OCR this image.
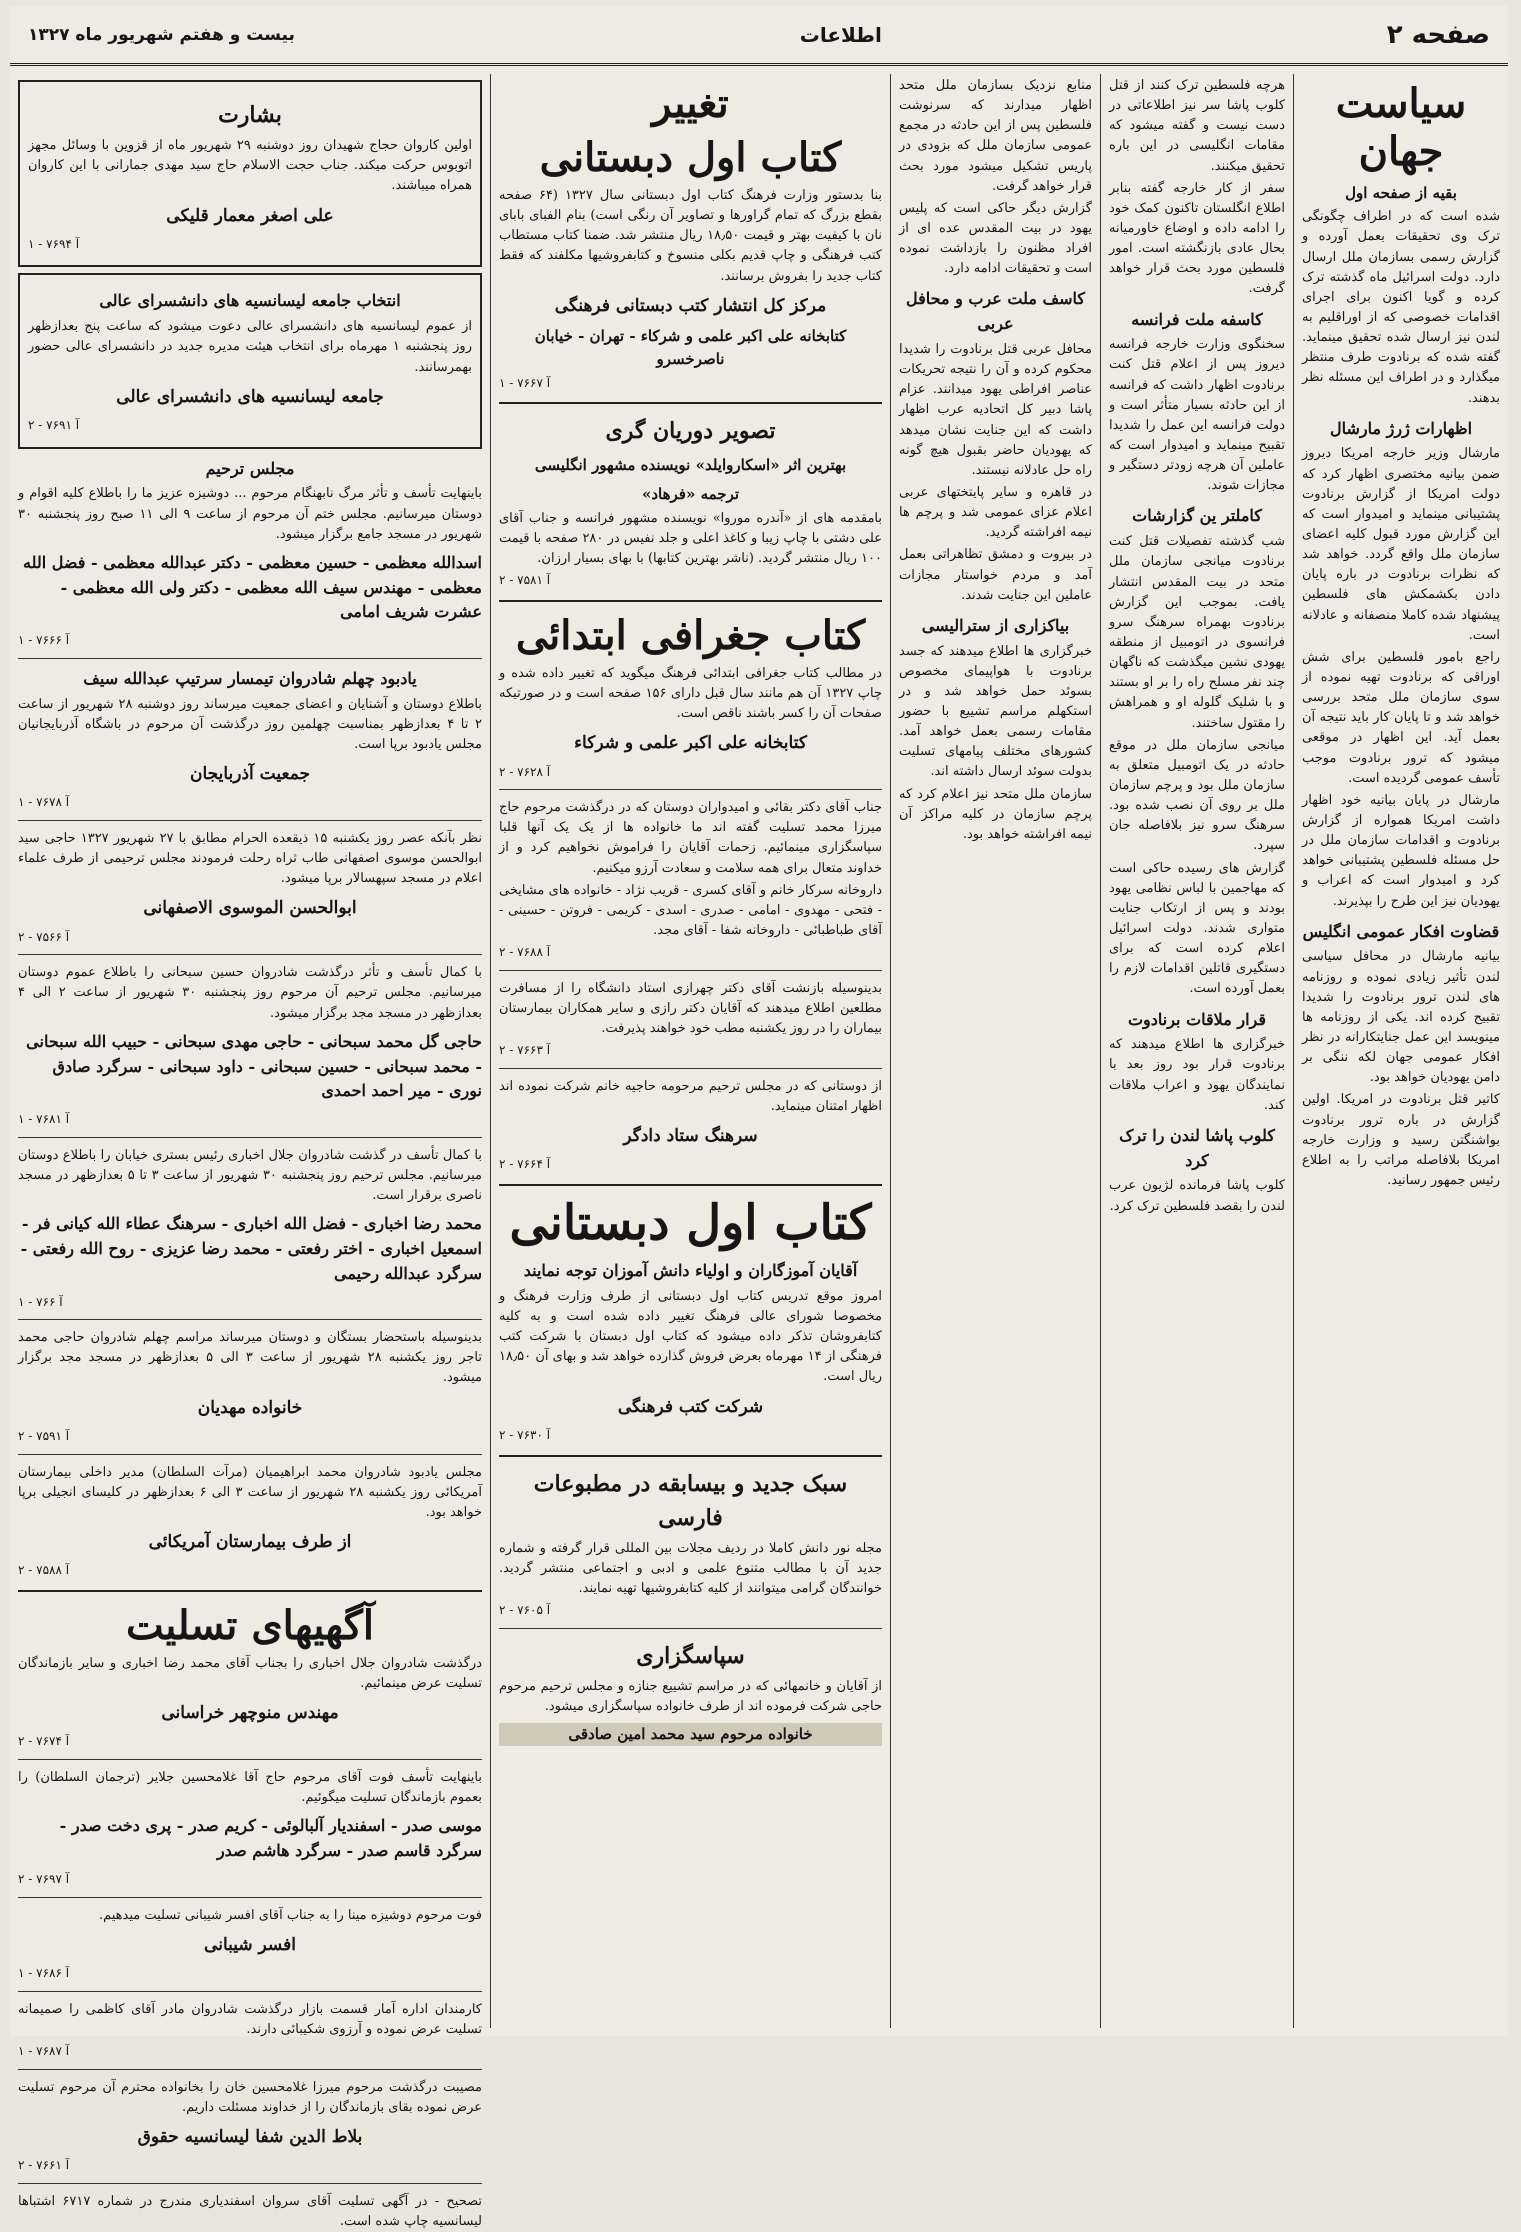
صفحه ۲
اطلاعات
بیست و هفتم شهریور ماه ۱۳۲۷
سیاست جهان
بقیه از صفحه اول

شده است که در اطراف چگونگی ترک وی تحقیقات بعمل آورده و گزارش رسمی بسازمان ملل ارسال دارد. دولت اسرائیل ماه گذشته ترک کرده و گویا اکنون برای اجرای اقدامات خصوصی که از اوراقلیم به لندن نیز ارسال شده تحقیق مینماید. گفته شده که برنادوت طرف منتظر میگذارد و در اطراف این مسئله نظر بدهند.

اظهارات ژرژ مارشال

مارشال وزیر خارجه امریکا دیروز ضمن بیانیه مختصری اظهار کرد که دولت امریکا از گزارش برنادوت پشتیبانی مینماید و امیدوار است که این گزارش مورد قبول کلیه اعضای سازمان ملل واقع گردد. خواهد شد که نظرات برنادوت در باره پایان دادن بکشمکش های فلسطین پیشنهاد شده کاملا منصفانه و عادلانه است.

راجع بامور فلسطین برای شش اوراقی که برنادوت تهیه نموده از سوی سازمان ملل متحد بررسی خواهد شد و تا پایان کار باید نتیجه آن بعمل آید. این اظهار در موقعی میشود که ترور برنادوت موجب تأسف عمومی گردیده است.

مارشال در پایان بیانیه خود اظهار داشت امریکا همواره از گزارش برنادوت و اقدامات سازمان ملل در حل مسئله فلسطین پشتیبانی خواهد کرد و امیدوار است که اعراب و یهودیان نیز این طرح را بپذیرند.

قضاوت افکار عمومی انگلیس

بیانیه مارشال در محافل سیاسی لندن تأثیر زیادی نموده و روزنامه های لندن ترور برنادوت را شدیدا تقبیح کرده اند. یکی از روزنامه ها مینویسد این عمل جنایتکارانه در نظر افکار عمومی جهان لکه ننگی بر دامن یهودیان خواهد بود.

کاتیر قتل برنادوت در امریکا. اولین گزارش در باره ترور برنادوت بواشنگتن رسید و وزارت خارجه امریکا بلافاصله مراتب را به اطلاع رئیس جمهور رسانید.

هرچه فلسطین ترک کنند از قتل کلوب پاشا سر نیز اطلاعاتی در دست نیست و گفته میشود که مقامات انگلیسی در این باره تحقیق میکنند.

سفر از کار خارجه گفته بنابر اطلاع انگلستان تاکنون کمک خود را ادامه داده و اوضاع خاورمیانه بحال عادی بازنگشته است. امور فلسطین مورد بحث قرار خواهد گرفت.

کاسفه ملت فرانسه

سخنگوی وزارت خارجه فرانسه دیروز پس از اعلام قتل کنت برنادوت اظهار داشت که فرانسه از این حادثه بسیار متأثر است و دولت فرانسه این عمل را شدیدا تقبیح مینماید و امیدوار است که عاملین آن هرچه زودتر دستگیر و مجازات شوند.

کاملتر ین گزارشات

شب گذشته تفصیلات قتل کنت برنادوت میانجی سازمان ملل متحد در بیت المقدس انتشار یافت. بموجب این گزارش برنادوت بهمراه سرهنگ سرو فرانسوی در اتومبیل از منطقه یهودی نشین میگذشت که ناگهان چند نفر مسلح راه را بر او بستند و با شلیک گلوله او و همراهش را مقتول ساختند.

میانجی سازمان ملل در موقع حادثه در یک اتومبیل متعلق به سازمان ملل بود و پرچم سازمان ملل بر روی آن نصب شده بود. سرهنگ سرو نیز بلافاصله جان سپرد.

گزارش های رسیده حاکی است که مهاجمین با لباس نظامی یهود بودند و پس از ارتکاب جنایت متواری شدند. دولت اسرائیل اعلام کرده است که برای دستگیری قاتلین اقدامات لازم را بعمل آورده است.

قرار ملاقات برنادوت

خبرگزاری ها اطلاع میدهند که برنادوت قرار بود روز بعد با نمایندگان یهود و اعراب ملاقات کند.

کلوب پاشا لندن را ترک کرد

کلوب پاشا فرمانده لژیون عرب لندن را بقصد فلسطین ترک کرد.

منابع نزدیک بسازمان ملل متحد اظهار میدارند که سرنوشت فلسطین پس از این حادثه در مجمع عمومی سازمان ملل که بزودی در پاریس تشکیل میشود مورد بحث قرار خواهد گرفت.

گزارش دیگر حاکی است که پلیس یهود در بیت المقدس عده ای از افراد مظنون را بازداشت نموده است و تحقیقات ادامه دارد.

کاسف ملت عرب و محافل عربی

محافل عربی قتل برنادوت را شدیدا محکوم کرده و آن را نتیجه تحریکات عناصر افراطی یهود میدانند. عزام پاشا دبیر کل اتحادیه عرب اظهار داشت که این جنایت نشان میدهد که یهودیان حاضر بقبول هیچ گونه راه حل عادلانه نیستند.

در قاهره و سایر پایتختهای عربی اعلام عزای عمومی شد و پرچم ها نیمه افراشته گردید.

در بیروت و دمشق تظاهراتی بعمل آمد و مردم خواستار مجازات عاملین این جنایت شدند.

بیاکزاری از سترالیسی

خبرگزاری ها اطلاع میدهند که جسد برنادوت با هواپیمای مخصوص بسوئد حمل خواهد شد و در استکهلم مراسم تشییع با حضور مقامات رسمی بعمل خواهد آمد. کشورهای مختلف پیامهای تسلیت بدولت سوئد ارسال داشته اند.

سازمان ملل متحد نیز اعلام کرد که پرچم سازمان در کلیه مراکز آن نیمه افراشته خواهد بود.

تغییر
کتاب اول دبستانی

بنا بدستور وزارت فرهنگ کتاب اول دبستانی سال ۱۳۲۷ (۶۴ صفحه بقطع بزرگ که تمام گراورها و تصاویر آن رنگی است) بنام الفبای بابای نان با کیفیت بهتر و قیمت ۱۸٫۵۰ ریال منتشر شد. ضمنا کتاب مستطاب کتب فرهنگی و چاپ قدیم بکلی منسوخ و کتابفروشیها مکلفند که فقط کتاب جدید را بفروش برسانند.

مرکز کل انتشار کتب دبستانی فرهنگی
کتابخانه علی اکبر علمی و شرکاء - تهران - خیابان ناصرخسرو
آ ۷۶۶۷ - ۱
تصویر دوریان گری
بهترین اثر «اسکاروایلد» نویسنده مشهور انگلیسی
ترجمه «فرهاد»

بامقدمه های از «آندره موروا» نویسنده مشهور فرانسه و جناب آقای علی دشتی با چاپ زیبا و کاغذ اعلی و جلد نفیس در ۲۸۰ صفحه با قیمت ۱۰۰ ریال منتشر گردید. (ناشر بهترین کتابها) با بهای بسیار ارزان.

آ ۷۵۸۱ - ۲
کتاب جغرافی ابتدائی

در مطالب کتاب جغرافی ابتدائی فرهنگ میگوید که تغییر داده شده و چاپ ۱۳۲۷ آن هم مانند سال قبل دارای ۱۵۶ صفحه است و در صورتیکه صفحات آن را کسر باشند ناقص است.

کتابخانه علی اکبر علمی و شرکاء
آ ۷۶۲۸ - ۲

جناب آقای دکتر بقائی و امیدواران دوستان که در درگذشت مرحوم حاج میرزا محمد تسلیت گفته اند ما خانواده ها از یک یک آنها قلبا سپاسگزاری مینمائیم. زحمات آقایان را فراموش نخواهیم کرد و از خداوند متعال برای همه سلامت و سعادت آرزو میکنیم.

داروخانه سرکار خانم و آقای کسری - قریب نژاد - خانواده های مشایخی - فتحی - مهدوی - امامی - صدری - اسدی - کریمی - فروتن - حسینی - آقای طباطبائی - داروخانه شفا - آقای مجد.

آ ۷۶۸۸ - ۲

بدینوسیله بازنشت آقای دکتر چهرازی استاد دانشگاه را از مسافرت مطلعین اطلاع میدهند که آقایان دکتر رازی و سایر همکاران بیمارستان بیماران را در روز یکشنبه مطب خود خواهند پذیرفت.

آ ۷۶۶۳ - ۲

از دوستانی که در مجلس ترحیم مرحومه حاجیه خانم شرکت نموده اند اظهار امتنان مینماید.

سرهنگ ستاد دادگر
آ ۷۶۶۴ - ۲
کتاب اول دبستانی
آقایان آموزگاران و اولیاء دانش آموزان توجه نمایند

امروز موقع تدریس کتاب اول دبستانی از طرف وزارت فرهنگ و مخصوصا شورای عالی فرهنگ تغییر داده شده است و به کلیه کتابفروشان تذکر داده میشود که کتاب اول دبستان با شرکت کتب فرهنگی از ۱۴ مهرماه بعرض فروش گذارده خواهد شد و بهای آن ۱۸٫۵۰ ریال است.

شرکت کتب فرهنگی
آ ۷۶۳۰ - ۲
سبک جدید و بیسابقه در مطبوعات فارسی

مجله نور دانش کاملا در ردیف مجلات بین المللی قرار گرفته و شماره جدید آن با مطالب متنوع علمی و ادبی و اجتماعی منتشر گردید. خوانندگان گرامی میتوانند از کلیه کتابفروشیها تهیه نمایند.

آ ۷۶۰۵ - ۲
سپاسگزاری

از آقایان و خانمهائی که در مراسم تشییع جنازه و مجلس ترحیم مرحوم حاجی شرکت فرموده اند از طرف خانواده سپاسگزاری میشود.

خانواده مرحوم سید محمد امین صادقی
بشارت

اولین کاروان حجاج شهیدان روز دوشنبه ۲۹ شهریور ماه از قزوین با وسائل مجهز اتوبوس حرکت میکند. جناب حجت الاسلام حاج سید مهدی جمارانی با این کاروان همراه میباشند.

علی اصغر معمار قلیکی
آ ۷۶۹۴ - ۱
انتخاب جامعه لیسانسیه های دانشسرای عالی

از عموم لیسانسیه های دانشسرای عالی دعوت میشود که ساعت پنج بعدازظهر روز پنجشنبه ۱ مهرماه برای انتخاب هیئت مدیره جدید در دانشسرای عالی حضور بهمرسانند.

جامعه لیسانسیه های دانشسرای عالی
آ ۷۶۹۱ - ۲
مجلس ترحیم

باینهایت تأسف و تأثر مرگ نابهنگام مرحوم ... دوشیزه عزیز ما را باطلاع کلیه اقوام و دوستان میرسانیم. مجلس ختم آن مرحوم از ساعت ۹ الی ۱۱ صبح روز پنجشنبه ۳۰ شهریور در مسجد جامع برگزار میشود.

اسدالله معظمی - حسین معظمی - دکتر عبدالله معظمی - فضل الله معظمی - مهندس سیف الله معظمی - دکتر ولی الله معظمی - عشرت شریف امامی
آ ۷۶۶۶ - ۱
یادبود چهلم شادروان تیمسار سرتیپ عبدالله سیف

باطلاع دوستان و آشنایان و اعضای جمعیت میرساند روز دوشنبه ۲۸ شهریور از ساعت ۲ تا ۴ بعدازظهر بمناسبت چهلمین روز درگذشت آن مرحوم در باشگاه آذربایجانیان مجلس یادبود برپا است.

جمعیت آذربایجان
آ ۷۶۷۸ - ۱

نظر بآنکه عصر روز یکشنبه ۱۵ ذیقعده الحرام مطابق با ۲۷ شهریور ۱۳۲۷ حاجی سید ابوالحسن موسوی اصفهانی طاب ثراه رحلت فرمودند مجلس ترحیمی از طرف علماء اعلام در مسجد سپهسالار برپا میشود.

ابوالحسن الموسوی الاصفهانی
آ ۷۵۶۶ - ۲

با کمال تأسف و تأثر درگذشت شادروان حسین سبحانی را باطلاع عموم دوستان میرسانیم. مجلس ترحیم آن مرحوم روز پنجشنبه ۳۰ شهریور از ساعت ۲ الی ۴ بعدازظهر در مسجد مجد برگزار میشود.

حاجی گل محمد سبحانی - حاجی مهدی سبحانی - حبیب الله سبحانی - محمد سبحانی - حسین سبحانی - داود سبحانی - سرگرد صادق نوری - میر احمد احمدی
آ ۷۶۸۱ - ۱

با کمال تأسف در گذشت شادروان جلال اخباری رئیس بستری خیابان را باطلاع دوستان میرسانیم. مجلس ترحیم روز پنجشنبه ۳۰ شهریور از ساعت ۳ تا ۵ بعدازظهر در مسجد ناصری برقرار است.

محمد رضا اخباری - فضل الله اخباری - سرهنگ عطاء الله کیانی فر - اسمعیل اخباری - اختر رفعتی - محمد رضا عزیزی - روح الله رفعتی - سرگرد عبدالله رحیمی
آ ۷۶۶ - ۱

بدینوسیله باستحضار بستگان و دوستان میرساند مراسم چهلم شادروان حاجی محمد تاجر روز یکشنبه ۲۸ شهریور از ساعت ۳ الی ۵ بعدازظهر در مسجد مجد برگزار میشود.

خانواده مهدیان
آ ۷۵۹۱ - ۲

مجلس یادبود شادروان محمد ابراهیمیان (مرآت السلطان) مدیر داخلی بیمارستان آمریکائی روز یکشنبه ۲۸ شهریور از ساعت ۳ الی ۶ بعدازظهر در کلیسای انجیلی برپا خواهد بود.

از طرف بیمارستان آمریکائی
آ ۷۵۸۸ - ۲
آگهیهای تسلیت

درگذشت شادروان جلال اخباری را بجناب آقای محمد رضا اخباری و سایر بازماندگان تسلیت عرض مینمائیم.

مهندس منوچهر خراسانی
آ ۷۶۷۴ - ۲

باینهایت تأسف فوت آقای مرحوم حاج آقا غلامحسین جلایر (ترجمان السلطان) را بعموم بازماندگان تسلیت میگوئیم.

موسی صدر - اسفندیار آلبالوئی - کریم صدر - پری دخت صدر - سرگرد قاسم صدر - سرگرد هاشم صدر
آ ۷۶۹۷ - ۲

فوت مرحوم دوشیزه مینا را به جناب آقای افسر شیبانی تسلیت میدهیم.

افسر شیبانی
آ ۷۶۸۶ - ۱

کارمندان اداره آمار قسمت بازار درگذشت شادروان مادر آقای کاظمی را صمیمانه تسلیت عرض نموده و آرزوی شکیبائی دارند.

آ ۷۶۸۷ - ۱

مصیبت درگذشت مرحوم میرزا غلامحسین خان را بخانواده محترم آن مرحوم تسلیت عرض نموده بقای بازماندگان را از خداوند مسئلت داریم.

بلاط الدین شفا لیسانسیه حقوق
آ ۷۶۶۱ - ۲

تصحیح - در آگهی تسلیت آقای سروان اسفندیاری مندرج در شماره ۶۷۱۷ اشتباها لیسانسیه چاپ شده است.
